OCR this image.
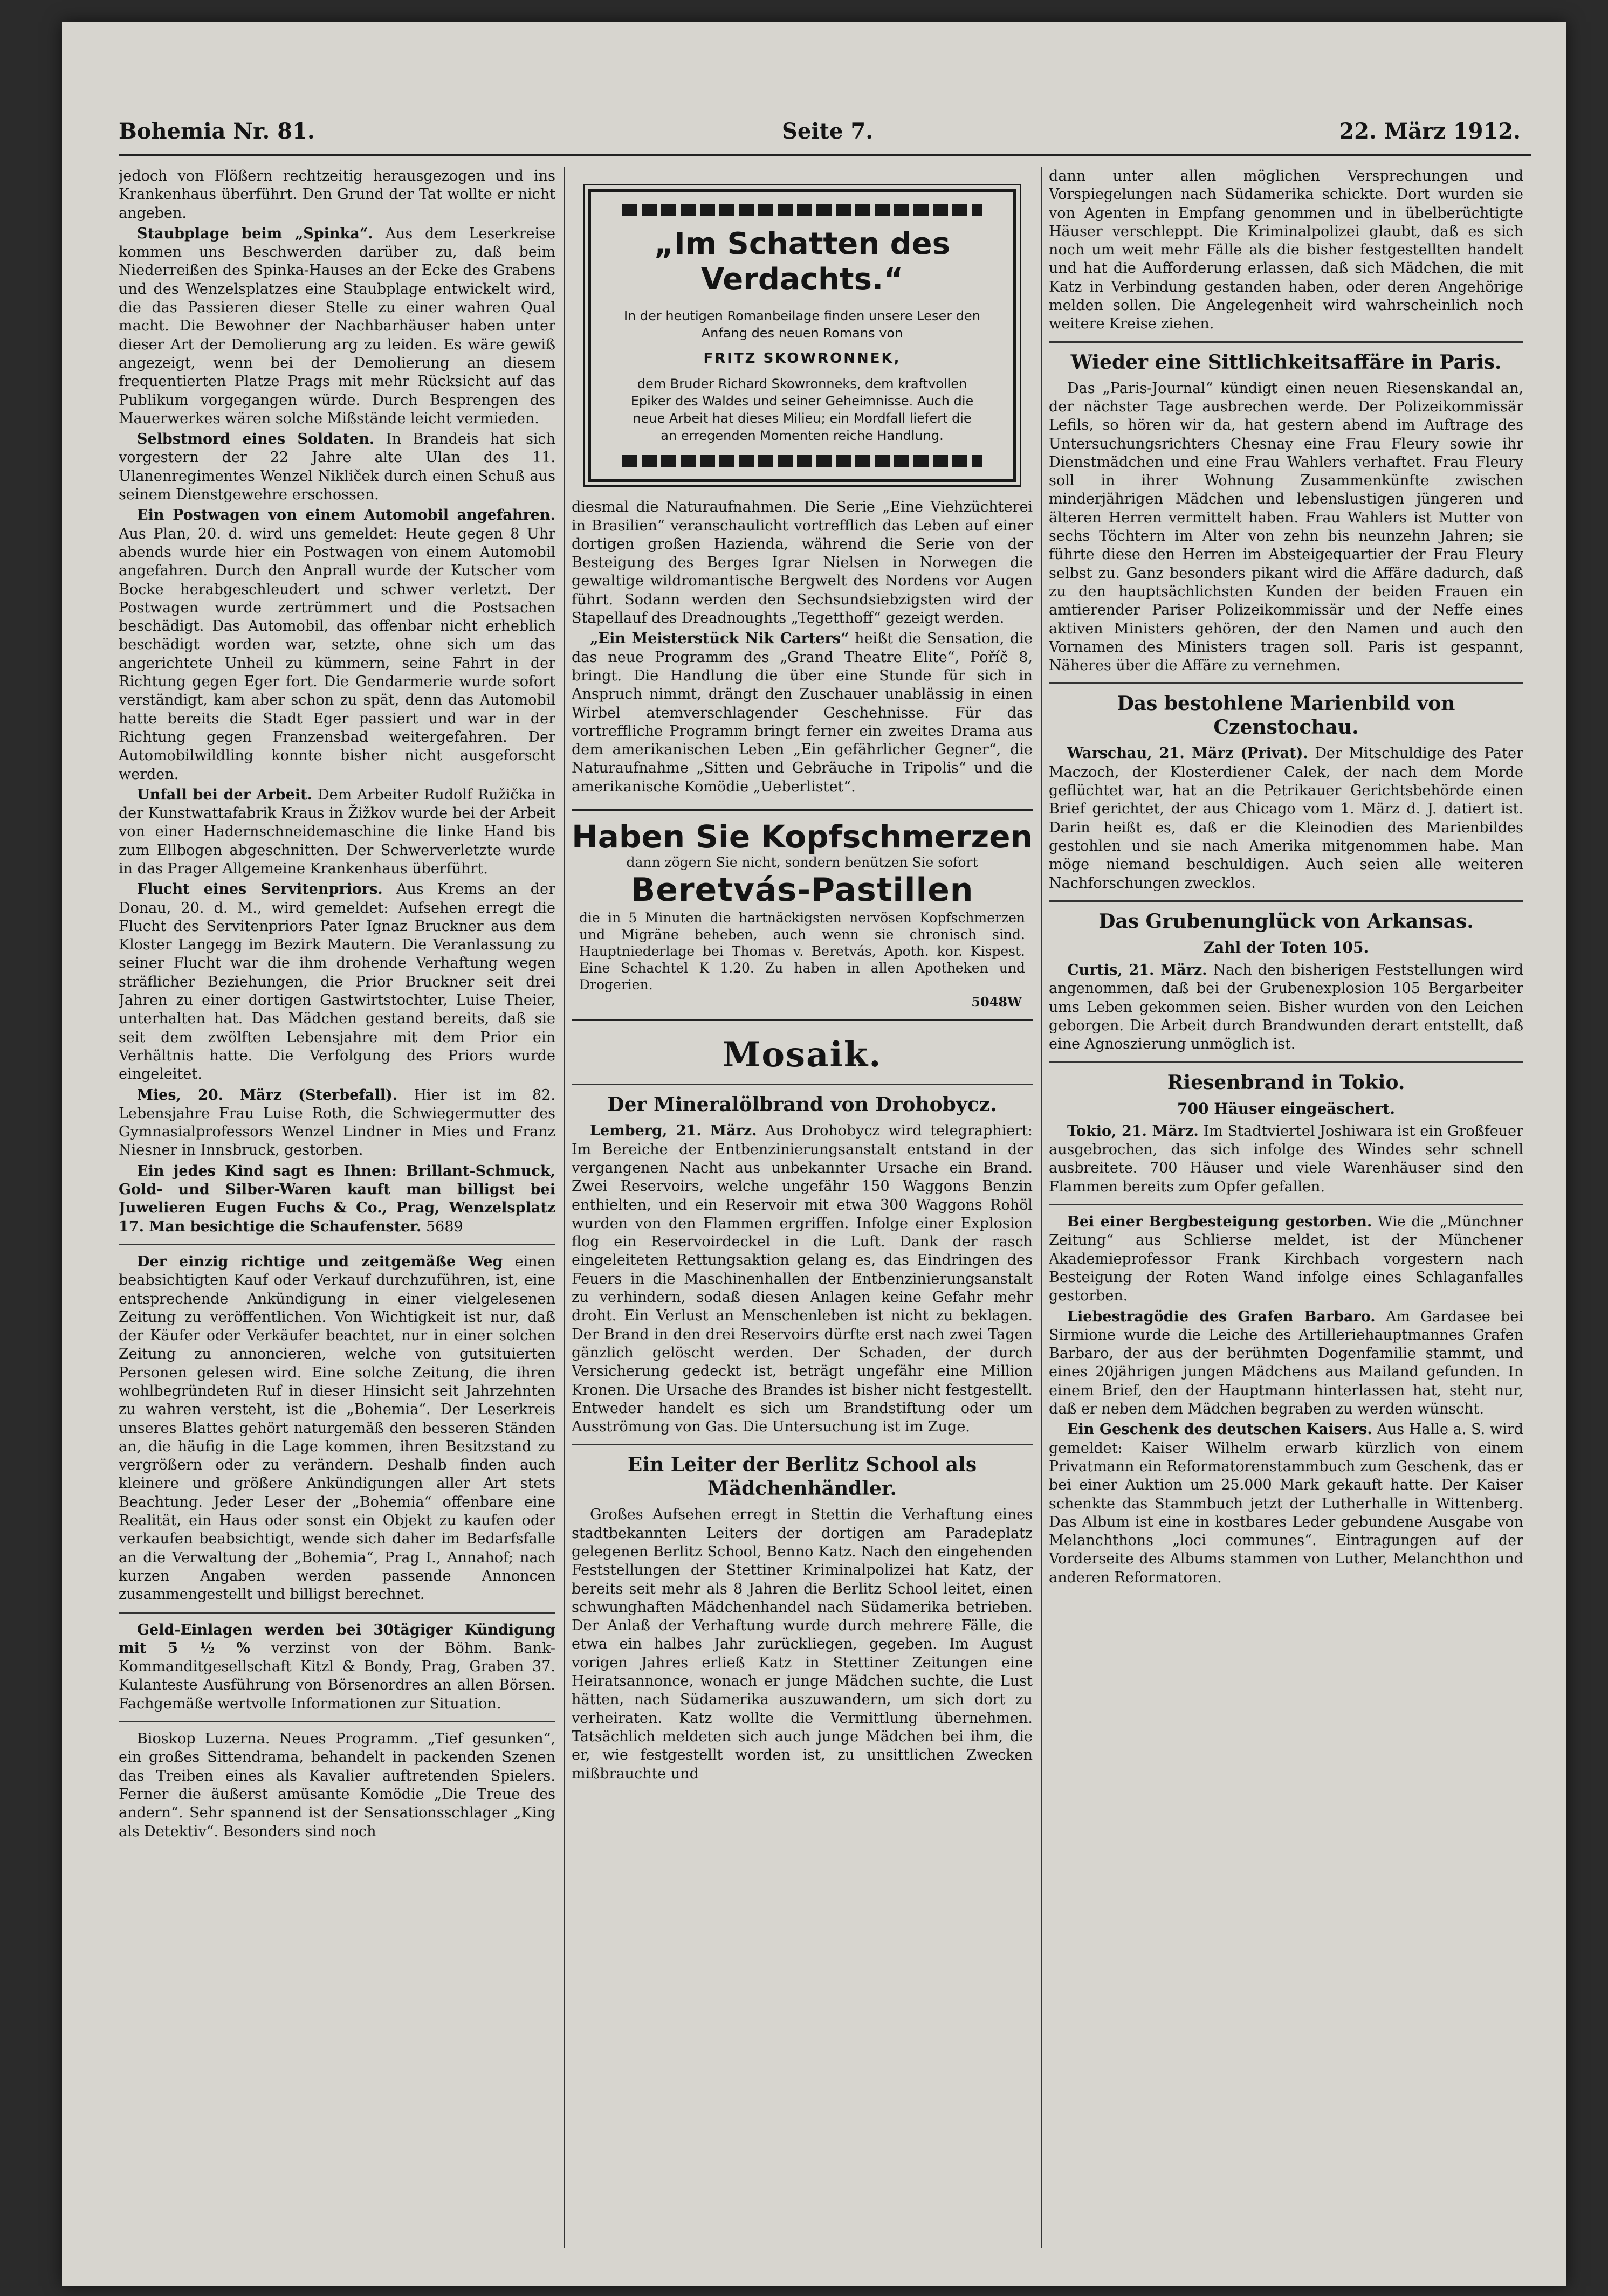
Bohemia Nr. 81.	Seite 7.	22. März 1912.

jedoch von Flößern rechtzeitig herausgezogen und ins Krankenhaus überführt. Den Grund der Tat wollte er nicht angeben.

Staubplage beim „Spinka“. Aus dem Leserkreise kommen uns Beschwerden darüber zu, daß beim Niederreißen des Spinka-Hauses an der Ecke des Grabens und des Wenzelsplatzes eine Staubplage entwickelt wird, die das Passieren dieser Stelle zu einer wahren Qual macht. Die Bewohner der Nachbarhäuser haben unter dieser Art der Demolierung arg zu leiden. Es wäre gewiß angezeigt, wenn bei der Demolierung an diesem frequentierten Platze Prags mit mehr Rücksicht auf das Publikum vorgegangen würde. Durch Besprengen des Mauerwerkes wären solche Mißstände leicht vermieden.

Selbstmord eines Soldaten. In Brandeis hat sich vorgestern der 22 Jahre alte Ulan des 11. Ulanenregimentes Wenzel Nikliček durch einen Schuß aus seinem Dienstgewehre erschossen.

Ein Postwagen von einem Automobil angefahren. Aus Plan, 20. d. wird uns gemeldet: Heute gegen 8 Uhr abends wurde hier ein Postwagen von einem Automobil angefahren. Durch den Anprall wurde der Kutscher vom Bocke herabgeschleudert und schwer verletzt. Der Postwagen wurde zertrümmert und die Postsachen beschädigt. Das Automobil, das offenbar nicht erheblich beschädigt worden war, setzte, ohne sich um das angerichtete Unheil zu kümmern, seine Fahrt in der Richtung gegen Eger fort. Die Gendarmerie wurde sofort verständigt, kam aber schon zu spät, denn das Automobil hatte bereits die Stadt Eger passiert und war in der Richtung gegen Franzensbad weitergefahren. Der Automobilwildling konnte bisher nicht ausgeforscht werden.

Unfall bei der Arbeit. Dem Arbeiter Rudolf Ružička in der Kunstwattafabrik Kraus in Žižkov wurde bei der Arbeit von einer Hadernschneidemaschine die linke Hand bis zum Ellbogen abgeschnitten. Der Schwerverletzte wurde in das Prager Allgemeine Krankenhaus überführt.

Flucht eines Servitenpriors. Aus Krems an der Donau, 20. d. M., wird gemeldet: Aufsehen erregt die Flucht des Servitenpriors Pater Ignaz Bruckner aus dem Kloster Langegg im Bezirk Mautern. Die Veranlassung zu seiner Flucht war die ihm drohende Verhaftung wegen sträflicher Beziehungen, die Prior Bruckner seit drei Jahren zu einer dortigen Gastwirtstochter, Luise Theier, unterhalten hat. Das Mädchen gestand bereits, daß sie seit dem zwölften Lebensjahre mit dem Prior ein Verhältnis hatte. Die Verfolgung des Priors wurde eingeleitet.

Mies, 20. März (Sterbefall). Hier ist im 82. Lebensjahre Frau Luise Roth, die Schwiegermutter des Gymnasialprofessors Wenzel Lindner in Mies und Franz Niesner in Innsbruck, gestorben.

Ein jedes Kind sagt es Ihnen: Brillant-Schmuck, Gold- und Silber-Waren kauft man billigst bei Juwelieren Eugen Fuchs & Co., Prag, Wenzelsplatz 17. Man besichtige die Schaufenster. 5689

Der einzig richtige und zeitgemäße Weg einen beabsichtigten Kauf oder Verkauf durchzuführen, ist, eine entsprechende Ankündigung in einer vielgelesenen Zeitung zu veröffentlichen. Von Wichtigkeit ist nur, daß der Käufer oder Verkäufer beachtet, nur in einer solchen Zeitung zu annoncieren, welche von gutsituierten Personen gelesen wird. Eine solche Zeitung, die ihren wohlbegründeten Ruf in dieser Hinsicht seit Jahrzehnten zu wahren versteht, ist die „Bohemia“. Der Leserkreis unseres Blattes gehört naturgemäß den besseren Ständen an, die häufig in die Lage kommen, ihren Besitzstand zu vergrößern oder zu verändern. Deshalb finden auch kleinere und größere Ankündigungen aller Art stets Beachtung. Jeder Leser der „Bohemia“ offenbare eine Realität, ein Haus oder sonst ein Objekt zu kaufen oder verkaufen beabsichtigt, wende sich daher im Bedarfsfalle an die Verwaltung der „Bohemia“, Prag I., Annahof; nach kurzen Angaben werden passende Annoncen zusammengestellt und billigst berechnet.

Geld-Einlagen werden bei 30tägiger Kündigung mit 5 ½ % verzinst von der Böhm. Bank-Kommanditgesellschaft Kitzl & Bondy, Prag, Graben 37. Kulanteste Ausführung von Börsenordres an allen Börsen. Fachgemäße wertvolle Informationen zur Situation.

Bioskop Luzerna. Neues Programm. „Tief gesunken“, ein großes Sittendrama, behandelt in packenden Szenen das Treiben eines als Kavalier auftretenden Spielers. Ferner die äußerst amüsante Komödie „Die Treue des andern“. Sehr spannend ist der Sensationsschlager „King als Detektiv“. Besonders sind noch

„Im Schatten des Verdachts.“
In der heutigen Romanbeilage finden unsere Leser den Anfang des neuen Romans von
FRITZ SKOWRONNEK,
dem Bruder Richard Skowronneks, dem kraftvollen Epiker des Waldes und seiner Geheimnisse. Auch die neue Arbeit hat dieses Milieu; ein Mordfall liefert die an erregenden Momenten reiche Handlung.

diesmal die Naturaufnahmen. Die Serie „Eine Viehzüchterei in Brasilien“ veranschaulicht vortrefflich das Leben auf einer dortigen großen Hazienda, während die Serie von der Besteigung des Berges Igrar Nielsen in Norwegen die gewaltige wildromantische Bergwelt des Nordens vor Augen führt. Sodann werden den Sechsundsiebzigsten wird der Stapellauf des Dreadnoughts „Tegetthoff“ gezeigt werden.

„Ein Meisterstück Nik Carters“ heißt die Sensation, die das neue Programm des „Grand Theatre Elite“, Poříč 8, bringt. Die Handlung die über eine Stunde für sich in Anspruch nimmt, drängt den Zuschauer unablässig in einen Wirbel atemverschlagender Geschehnisse. Für das vortreffliche Programm bringt ferner ein zweites Drama aus dem amerikanischen Leben „Ein gefährlicher Gegner“, die Naturaufnahme „Sitten und Gebräuche in Tripolis“ und die amerikanische Komödie „Ueberlistet“.

Haben Sie Kopfschmerzen
dann zögern Sie nicht, sondern benützen Sie sofort
Beretvás-Pastillen
die in 5 Minuten die hartnäckigsten nervösen Kopfschmerzen und Migräne beheben, auch wenn sie chronisch sind. Hauptniederlage bei Thomas v. Beretvás, Apoth. kor. Kispest. Eine Schachtel K 1.20. Zu haben in allen Apotheken und Drogerien.
5048W
Mosaik.
Der Mineralölbrand von Drohobycz.

Lemberg, 21. März. Aus Drohobycz wird telegraphiert: Im Bereiche der Entbenzinierungsanstalt entstand in der vergangenen Nacht aus unbekannter Ursache ein Brand. Zwei Reservoirs, welche ungefähr 150 Waggons Benzin enthielten, und ein Reservoir mit etwa 300 Waggons Rohöl wurden von den Flammen ergriffen. Infolge einer Explosion flog ein Reservoirdeckel in die Luft. Dank der rasch eingeleiteten Rettungsaktion gelang es, das Eindringen des Feuers in die Maschinenhallen der Entbenzinierungsanstalt zu verhindern, sodaß diesen Anlagen keine Gefahr mehr droht. Ein Verlust an Menschenleben ist nicht zu beklagen. Der Brand in den drei Reservoirs dürfte erst nach zwei Tagen gänzlich gelöscht werden. Der Schaden, der durch Versicherung gedeckt ist, beträgt ungefähr eine Million Kronen. Die Ursache des Brandes ist bisher nicht festgestellt. Entweder handelt es sich um Brandstiftung oder um Ausströmung von Gas. Die Untersuchung ist im Zuge.

Ein Leiter der Berlitz School als Mädchenhändler.

Großes Aufsehen erregt in Stettin die Verhaftung eines stadtbekannten Leiters der dortigen am Paradeplatz gelegenen Berlitz School, Benno Katz. Nach den eingehenden Feststellungen der Stettiner Kriminalpolizei hat Katz, der bereits seit mehr als 8 Jahren die Berlitz School leitet, einen schwunghaften Mädchenhandel nach Südamerika betrieben. Der Anlaß der Verhaftung wurde durch mehrere Fälle, die etwa ein halbes Jahr zurückliegen, gegeben. Im August vorigen Jahres erließ Katz in Stettiner Zeitungen eine Heiratsannonce, wonach er junge Mädchen suchte, die Lust hätten, nach Südamerika auszuwandern, um sich dort zu verheiraten. Katz wollte die Vermittlung übernehmen. Tatsächlich meldeten sich auch junge Mädchen bei ihm, die er, wie festgestellt worden ist, zu unsittlichen Zwecken mißbrauchte und

dann unter allen möglichen Versprechungen und Vorspiegelungen nach Südamerika schickte. Dort wurden sie von Agenten in Empfang genommen und in übelberüchtigte Häuser verschleppt. Die Kriminalpolizei glaubt, daß es sich noch um weit mehr Fälle als die bisher festgestellten handelt und hat die Aufforderung erlassen, daß sich Mädchen, die mit Katz in Verbindung gestanden haben, oder deren Angehörige melden sollen. Die Angelegenheit wird wahrscheinlich noch weitere Kreise ziehen.

Wieder eine Sittlichkeitsaffäre in Paris.

Das „Paris-Journal“ kündigt einen neuen Riesenskandal an, der nächster Tage ausbrechen werde. Der Polizeikommissär Lefils, so hören wir da, hat gestern abend im Auftrage des Untersuchungsrichters Chesnay eine Frau Fleury sowie ihr Dienstmädchen und eine Frau Wahlers verhaftet. Frau Fleury soll in ihrer Wohnung Zusammenkünfte zwischen minderjährigen Mädchen und lebenslustigen jüngeren und älteren Herren vermittelt haben. Frau Wahlers ist Mutter von sechs Töchtern im Alter von zehn bis neunzehn Jahren; sie führte diese den Herren im Absteigequartier der Frau Fleury selbst zu. Ganz besonders pikant wird die Affäre dadurch, daß zu den hauptsächlichsten Kunden der beiden Frauen ein amtierender Pariser Polizeikommissär und der Neffe eines aktiven Ministers gehören, der den Namen und auch den Vornamen des Ministers tragen soll. Paris ist gespannt, Näheres über die Affäre zu vernehmen.

Das bestohlene Marienbild von Czenstochau.

Warschau, 21. März (Privat). Der Mitschuldige des Pater Maczoch, der Klosterdiener Calek, der nach dem Morde geflüchtet war, hat an die Petrikauer Gerichtsbehörde einen Brief gerichtet, der aus Chicago vom 1. März d. J. datiert ist. Darin heißt es, daß er die Kleinodien des Marienbildes gestohlen und sie nach Amerika mitgenommen habe. Man möge niemand beschuldigen. Auch seien alle weiteren Nachforschungen zwecklos.

Das Grubenunglück von Arkansas.
Zahl der Toten 105.

Curtis, 21. März. Nach den bisherigen Feststellungen wird angenommen, daß bei der Grubenexplosion 105 Bergarbeiter ums Leben gekommen seien. Bisher wurden von den Leichen geborgen. Die Arbeit durch Brandwunden derart entstellt, daß eine Agnoszierung unmöglich ist.

Riesenbrand in Tokio.
700 Häuser eingeäschert.

Tokio, 21. März. Im Stadtviertel Joshiwara ist ein Großfeuer ausgebrochen, das sich infolge des Windes sehr schnell ausbreitete. 700 Häuser und viele Warenhäuser sind den Flammen bereits zum Opfer gefallen.

Bei einer Bergbesteigung gestorben. Wie die „Münchner Zeitung“ aus Schlierse meldet, ist der Münchener Akademieprofessor Frank Kirchbach vorgestern nach Besteigung der Roten Wand infolge eines Schlaganfalles gestorben.

Liebestragödie des Grafen Barbaro. Am Gardasee bei Sirmione wurde die Leiche des Artilleriehauptmannes Grafen Barbaro, der aus der berühmten Dogenfamilie stammt, und eines 20jährigen jungen Mädchens aus Mailand gefunden. In einem Brief, den der Hauptmann hinterlassen hat, steht nur, daß er neben dem Mädchen begraben zu werden wünscht.

Ein Geschenk des deutschen Kaisers. Aus Halle a. S. wird gemeldet: Kaiser Wilhelm erwarb kürzlich von einem Privatmann ein Reformatorenstammbuch zum Geschenk, das er bei einer Auktion um 25.000 Mark gekauft hatte. Der Kaiser schenkte das Stammbuch jetzt der Lutherhalle in Wittenberg. Das Album ist eine in kostbares Leder gebundene Ausgabe von Melanchthons „loci communes“. Eintragungen auf der Vorderseite des Albums stammen von Luther, Melanchthon und anderen Reformatoren.
